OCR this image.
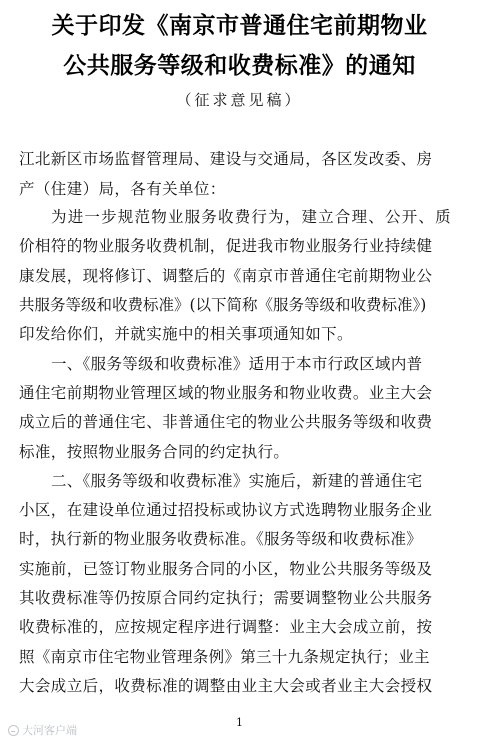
关于印发《南京市普通住宅前期物业
公共服务等级和收费标准》的通知
（征求意见稿）
江北新区市场监督管理局、建设与交通局，各区发改委、房
产（住建）局，各有关单位：
为进一步规范物业服务收费行为，建立合理、公开、质
价相符的物业服务收费机制，促进我市物业服务行业持续健
康发展，现将修订、调整后的《南京市普通住宅前期物业公
共服务等级和收费标准》(以下简称《服务等级和收费标准》)
印发给你们，并就实施中的相关事项通知如下。
一、《服务等级和收费标准》适用于本市行政区域内普
通住宅前期物业管理区域的物业服务和物业收费。业主大会
成立后的普通住宅、非普通住宅的物业公共服务等级和收费
标准，按照物业服务合同的约定执行。
二、《服务等级和收费标准》实施后，新建的普通住宅
小区，在建设单位通过招投标或协议方式选聘物业服务企业
时，执行新的物业服务收费标准。《服务等级和收费标准》
实施前，已签订物业服务合同的小区，物业公共服务等级及
其收费标准等仍按原合同约定执行；需要调整物业公共服务
收费标准的，应按规定程序进行调整：业主大会成立前，按
照《南京市住宅物业管理条例》第三十九条规定执行；业主
大会成立后，收费标准的调整由业主大会或者业主大会授权
1
大河客户端
